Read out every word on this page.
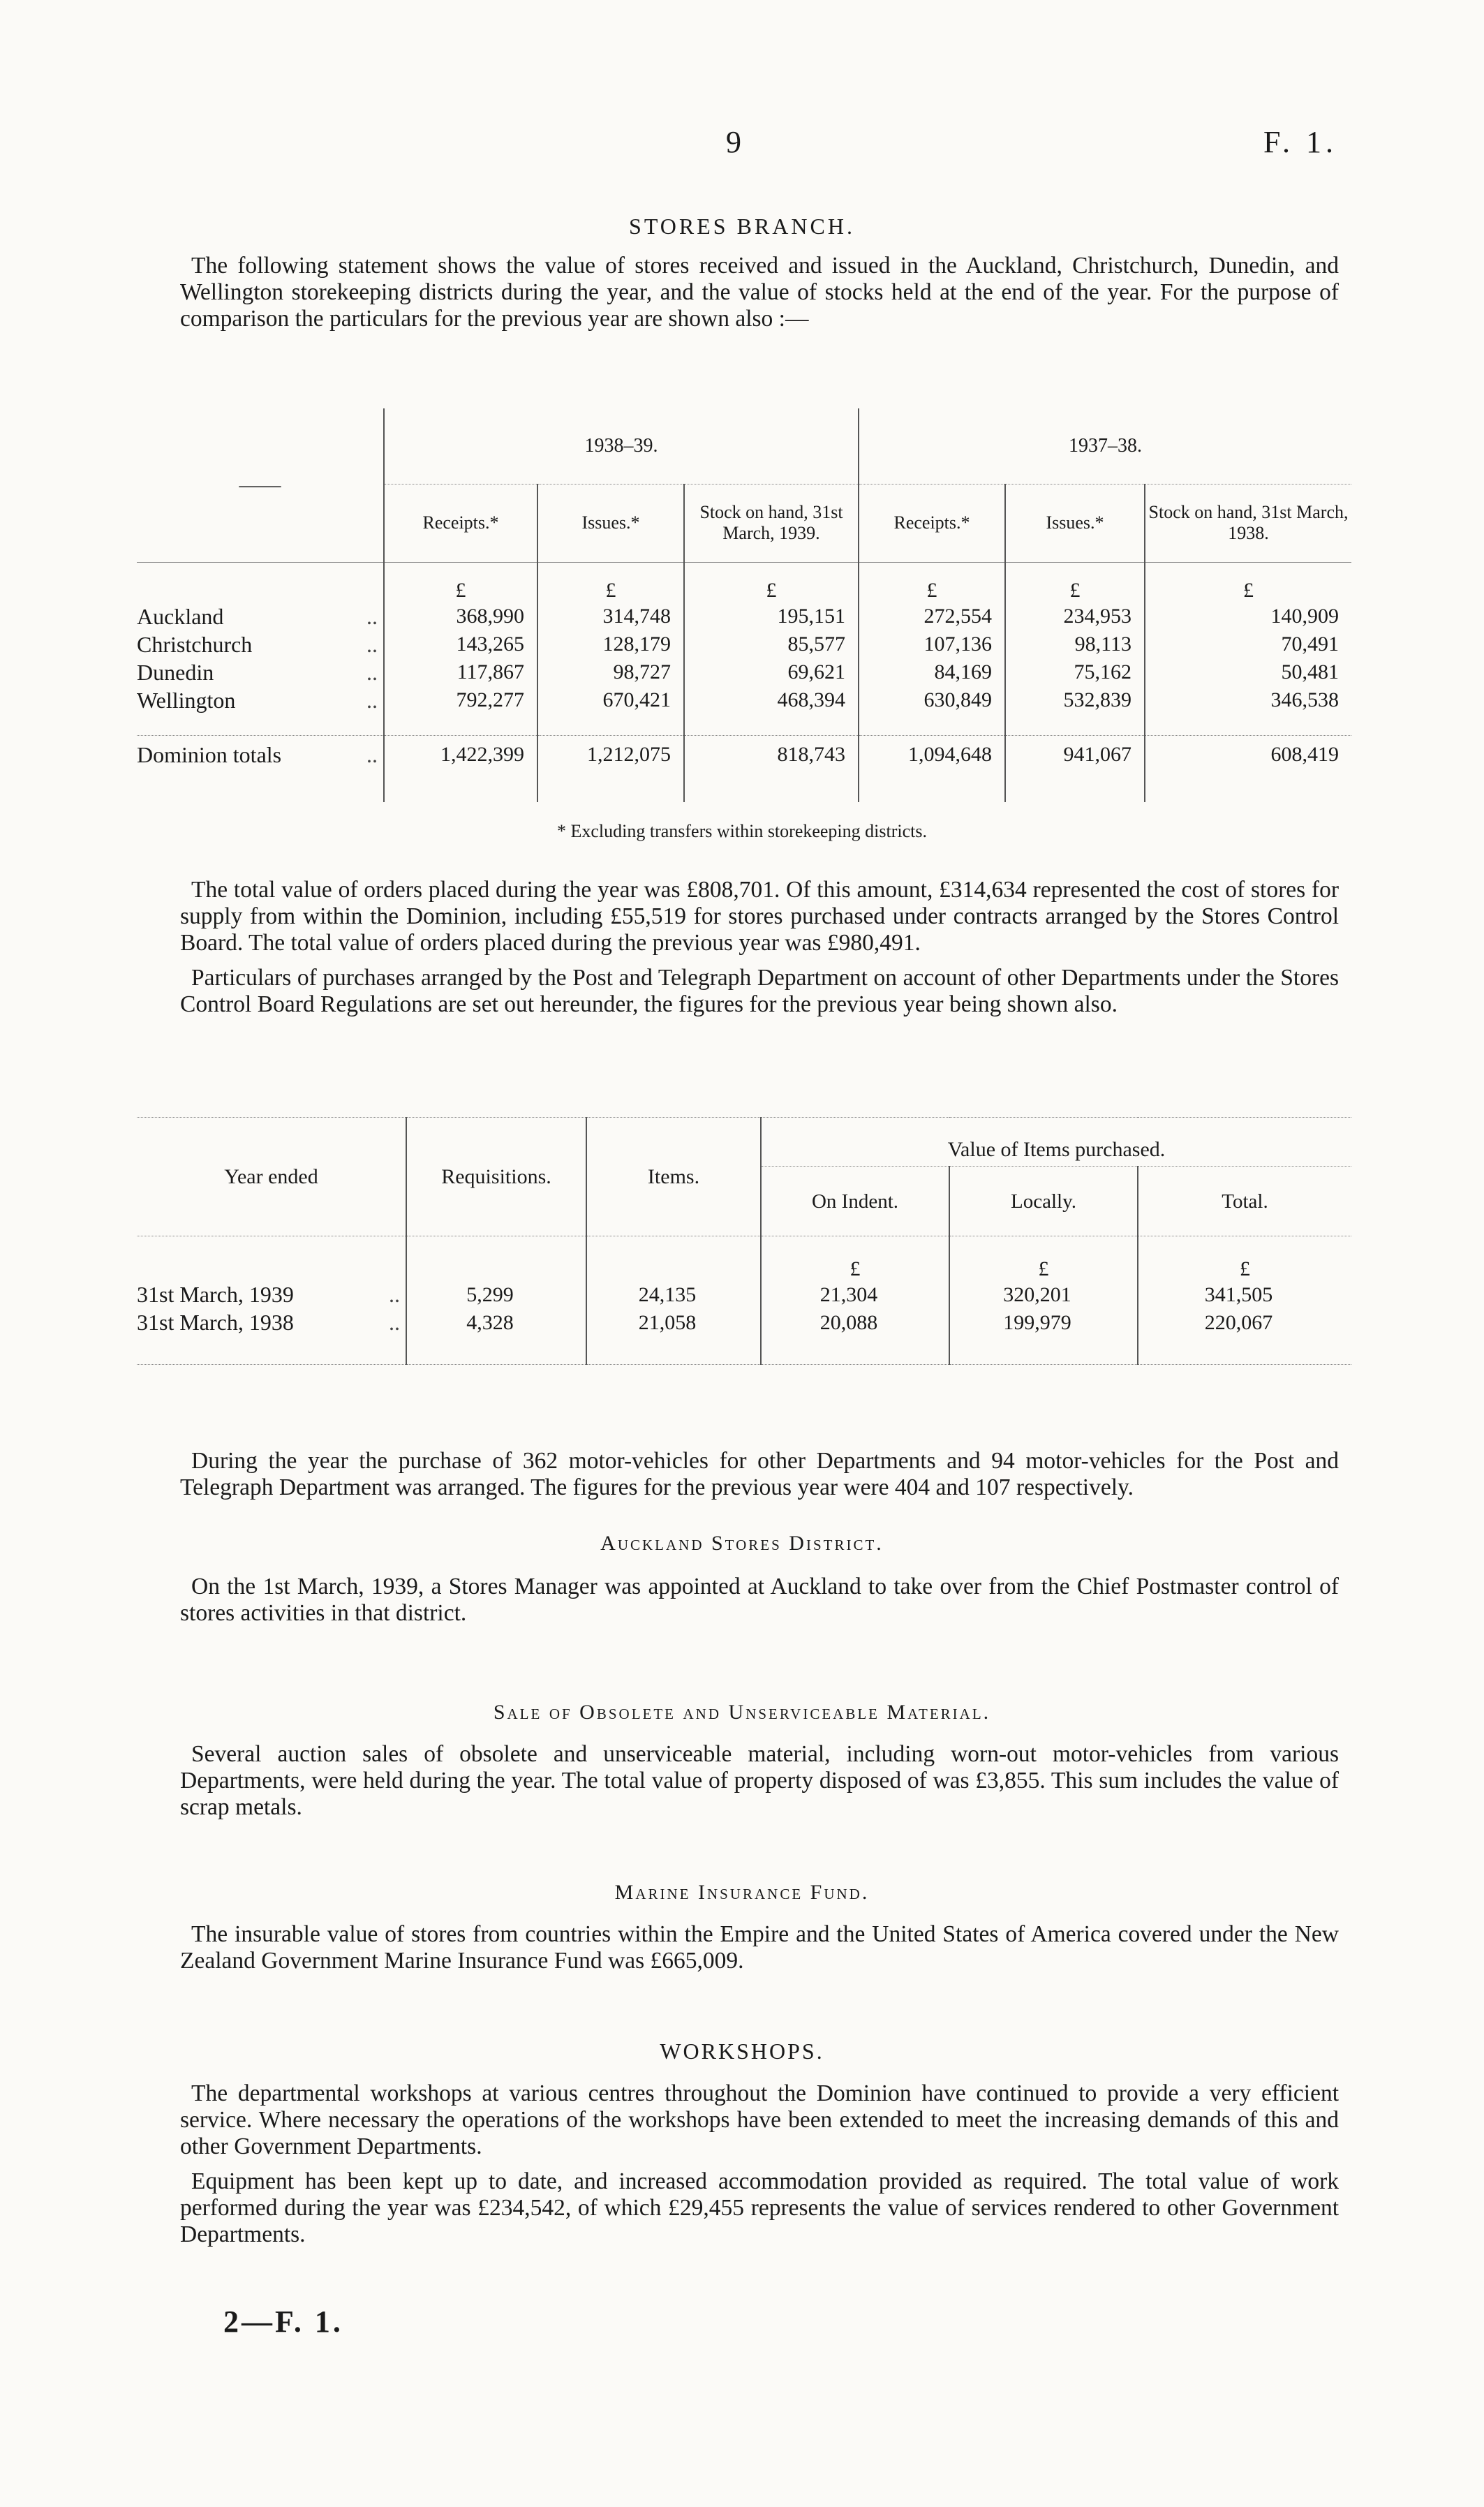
9	F. 1.
STORES BRANCH.

The following statement shows the value of stores received and issued in the Auckland, Christchurch, Dunedin, and Wellington storekeeping districts during the year, and the value of stocks held at the end of the year. For the purpose of comparison the particulars for the previous year are shown also :—

——	1938–39.			1937–38.		
	Receipts.*	Issues.*	Stock on hand, 31st March, 1939.	Receipts.*	Issues.*	Stock on hand, 31st March, 1938.
	£	£	£	£	£	£
Auckland ..	368,990	314,748	195,151	272,554	234,953	140,909
Christchurch ..	143,265	128,179	85,577	107,136	98,113	70,491
Dunedin ..	117,867	98,727	69,621	84,169	75,162	50,481
Wellington ..	792,277	670,421	468,394	630,849	532,839	346,538

Dominion totals ..	1,422,399	1,212,075	818,743	1,094,648	941,067	608,419

* Excluding transfers within storekeeping districts.

The total value of orders placed during the year was £808,701. Of this amount, £314,634 represented the cost of stores for supply from within the Dominion, including £55,519 for stores purchased under contracts arranged by the Stores Control Board. The total value of orders placed during the previous year was £980,491.

Particulars of purchases arranged by the Post and Telegraph Department on account of other Departments under the Stores Control Board Regulations are set out hereunder, the figures for the previous year being shown also.

Year ended	Requisitions.	Items.	Value of Items purchased.		
			On Indent.	Locally.	Total.
			£	£	£
31st March, 1939 ..	5,299	24,135	21,304	320,201	341,505
31st March, 1938 ..	4,328	21,058	20,088	199,979	220,067

During the year the purchase of 362 motor-vehicles for other Departments and 94 motor-vehicles for the Post and Telegraph Department was arranged. The figures for the previous year were 404 and 107 respectively.

Auckland Stores District.

On the 1st March, 1939, a Stores Manager was appointed at Auckland to take over from the Chief Postmaster control of stores activities in that district.

Sale of Obsolete and Unserviceable Material.

Several auction sales of obsolete and unserviceable material, including worn-out motor-vehicles from various Departments, were held during the year. The total value of property disposed of was £3,855. This sum includes the value of scrap metals.

Marine Insurance Fund.

The insurable value of stores from countries within the Empire and the United States of America covered under the New Zealand Government Marine Insurance Fund was £665,009.

WORKSHOPS.

The departmental workshops at various centres throughout the Dominion have continued to provide a very efficient service. Where necessary the operations of the workshops have been extended to meet the increasing demands of this and other Government Departments.

Equipment has been kept up to date, and increased accommodation provided as required. The total value of work performed during the year was £234,542, of which £29,455 represents the value of services rendered to other Government Departments.

2—F. 1.
